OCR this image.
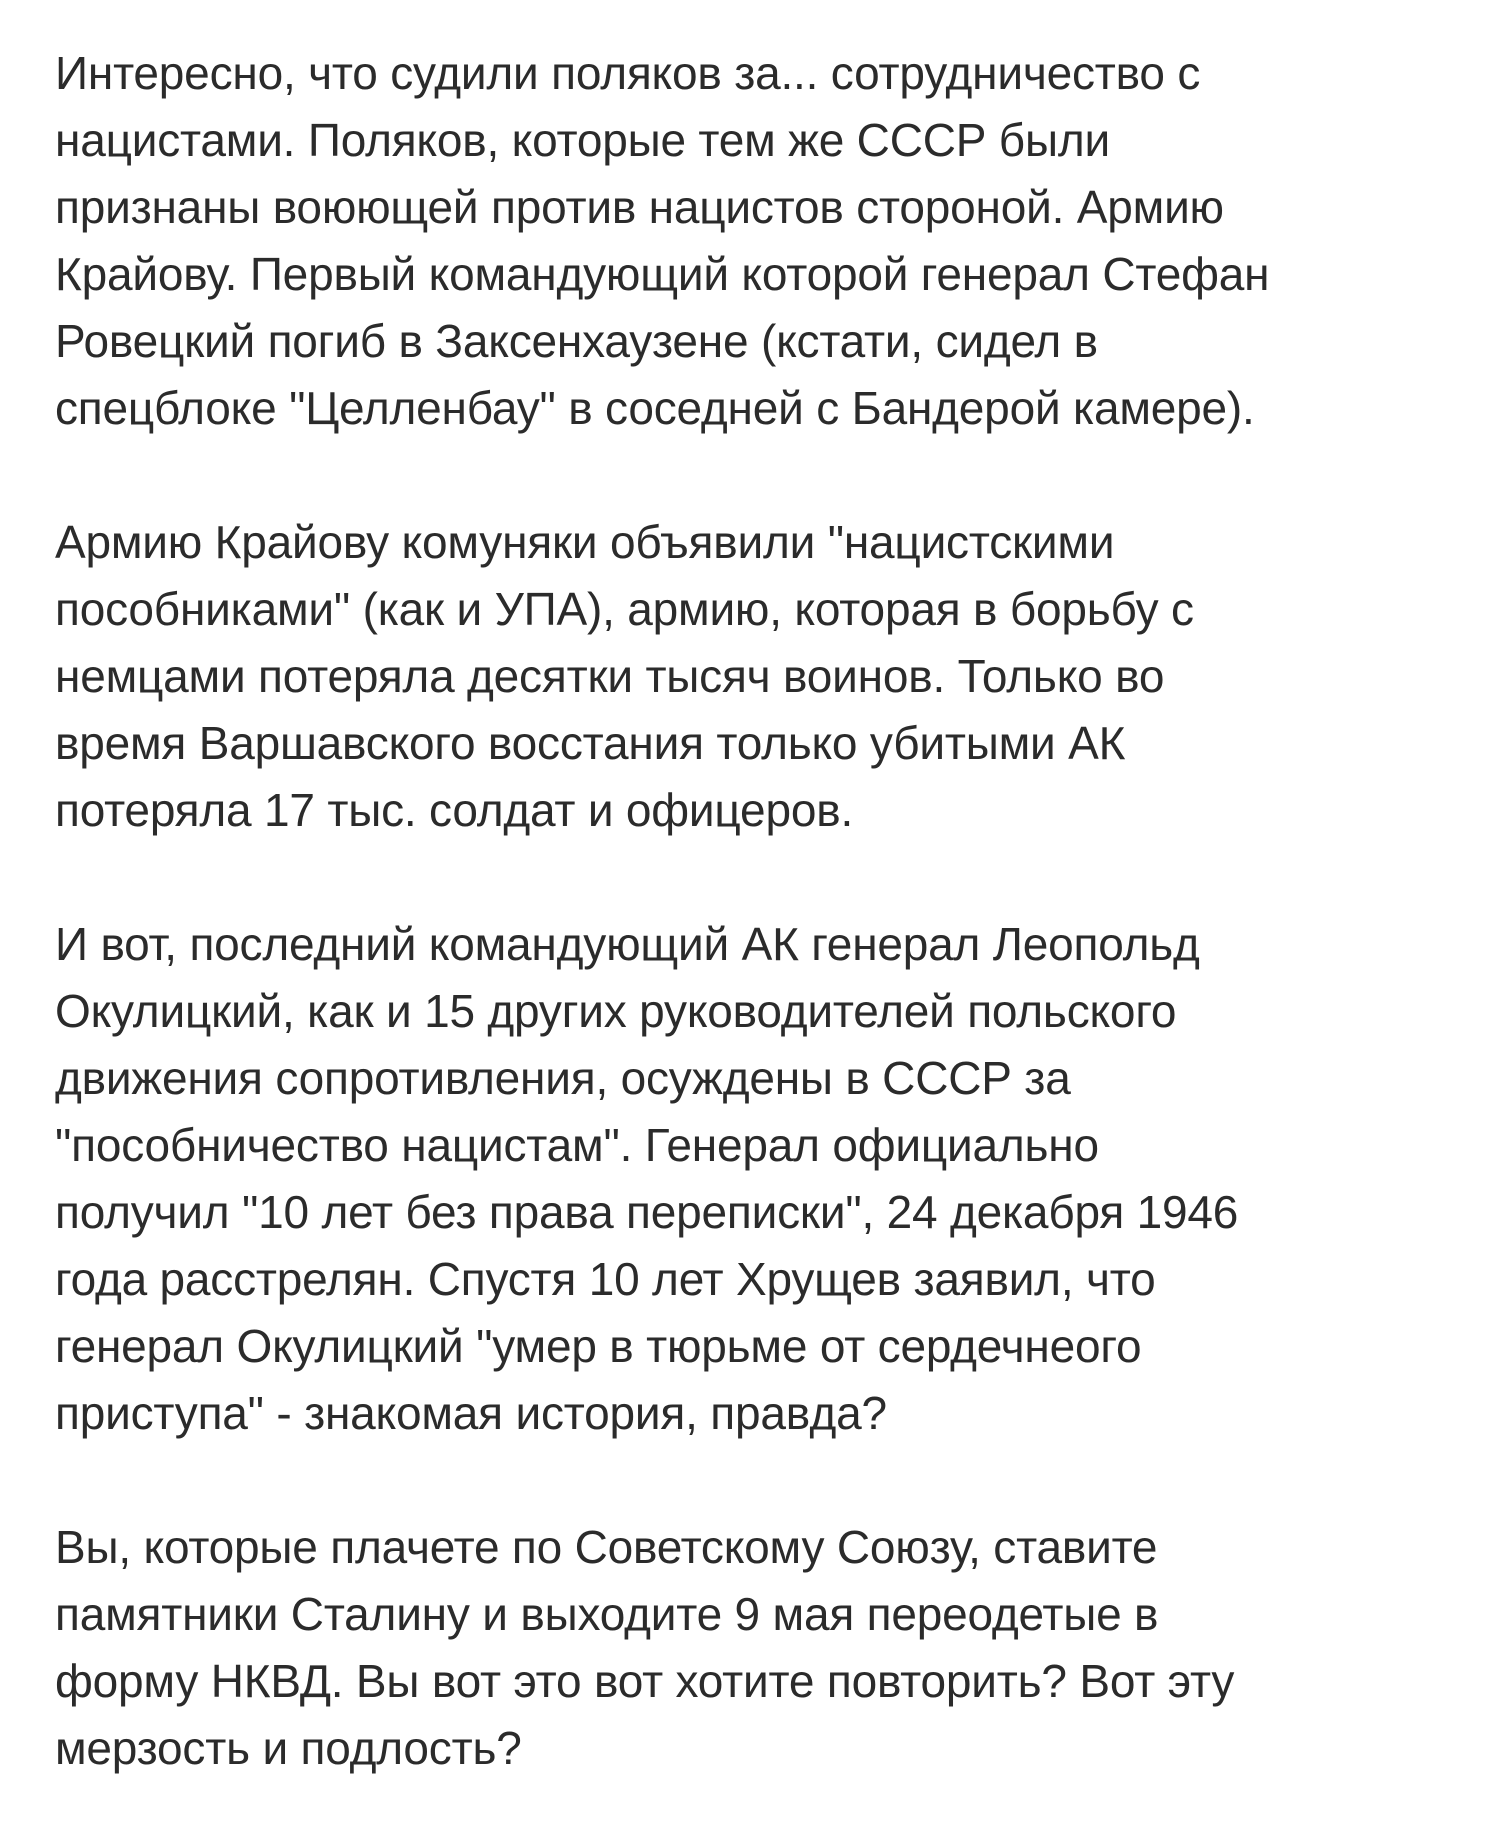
Интересно, что судили поляков за... сотрудничество с
нацистами. Поляков, которые тем же СССР были
признаны воюющей против нацистов стороной. Армию
Крайову. Первый командующий которой генерал Стефан
Ровецкий погиб в Заксенхаузене (кстати, сидел в
спецблоке "Целленбау" в соседней с Бандерой камере).

Армию Крайову комуняки объявили "нацистскими
пособниками" (как и УПА), армию, которая в борьбу с
немцами потеряла десятки тысяч воинов. Только во
время Варшавского восстания только убитыми АК
потеряла 17 тыс. солдат и офицеров.

И вот, последний командующий АК генерал Леопольд
Окулицкий, как и 15 других руководителей польского
движения сопротивления, осуждены в СССР за
"пособничество нацистам". Генерал официально
получил "10 лет без права переписки", 24 декабря 1946
года расстрелян. Спустя 10 лет Хрущев заявил, что
генерал Окулицкий "умер в тюрьме от сердечнеого
приступа" - знакомая история, правда?

Вы, которые плачете по Советскому Союзу, ставите
памятники Сталину и выходите 9 мая переодетые в
форму НКВД. Вы вот это вот хотите повторить? Вот эту
мерзость и подлость?
